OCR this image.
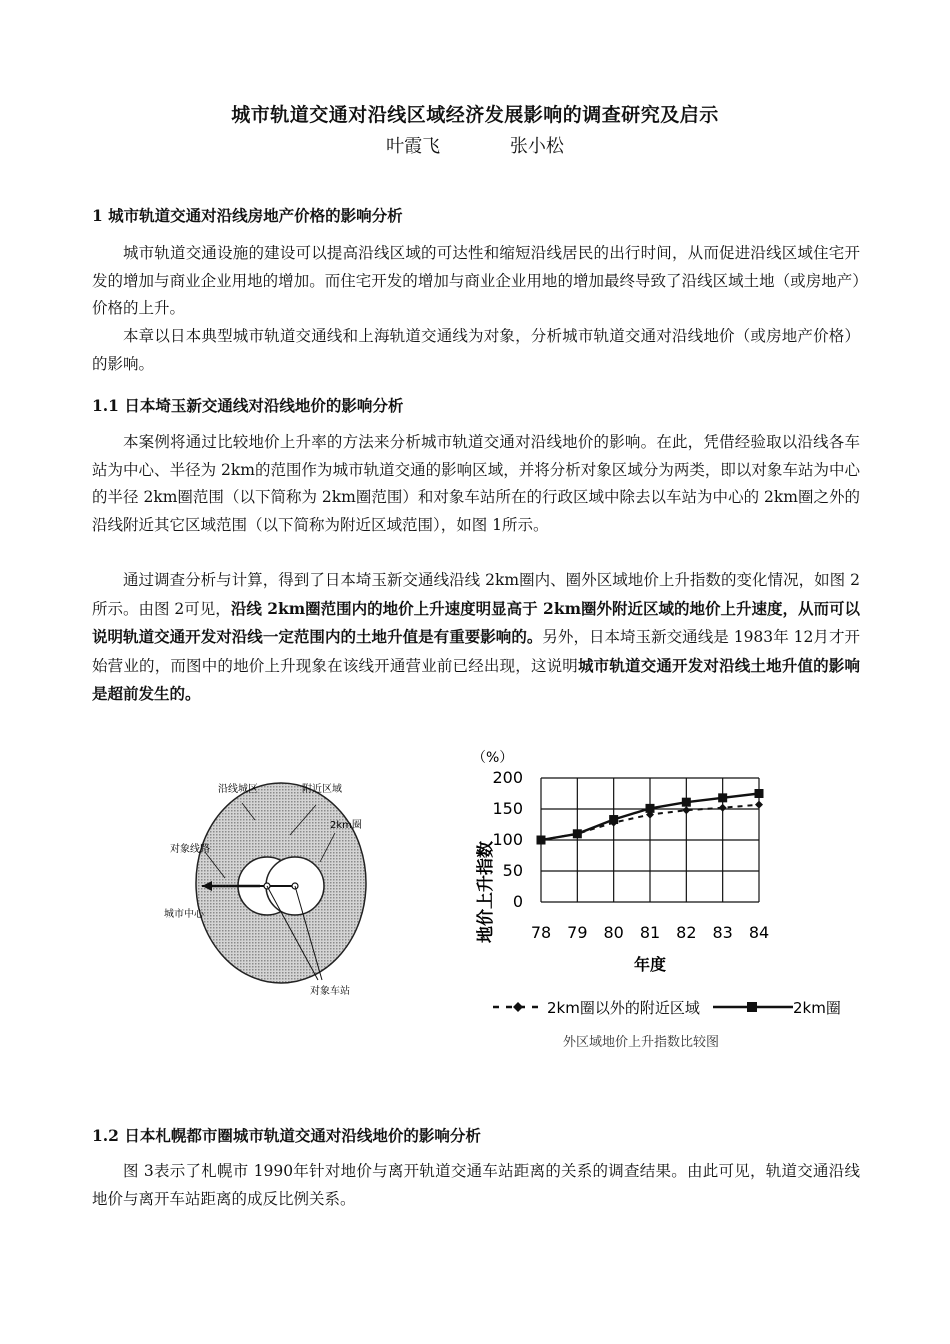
城市轨道交通对沿线区域经济发展影响的调查研究及启示
叶霞飞	张小松
1 城市轨道交通对沿线房地产价格的影响分析

城市轨道交通设施的建设可以提高沿线区域的可达性和缩短沿线居民的出行时间，从而促进沿线区域住宅开发的增加与商业企业用地的增加。而住宅开发的增加与商业企业用地的增加最终导致了沿线区域土地（或房地产）价格的上升。

本章以日本典型城市轨道交通线和上海轨道交通线为对象，分析城市轨道交通对沿线地价（或房地产价格）的影响。

1.1 日本埼玉新交通线对沿线地价的影响分析

本案例将通过比较地价上升率的方法来分析城市轨道交通对沿线地价的影响。在此，凭借经验取以沿线各车站为中心、半径为 2km的范围作为城市轨道交通的影响区域，并将分析对象区域分为两类，即以对象车站为中心的半径 2km圈范围（以下简称为 2km圈范围）和对象车站所在的行政区域中除去以车站为中心的 2km圈之外的沿线附近其它区域范围（以下简称为附近区域范围），如图 1所示。

通过调查分析与计算，得到了日本埼玉新交通线沿线 2km圈内、圈外区域地价上升指数的变化情况，如图 2所示。由图 2可见，沿线 2km圈范围内的地价上升速度明显高于 2km圈外附近区域的地价上升速度，从而可以说明轨道交通开发对沿线一定范围内的土地升值是有重要影响的。另外，日本埼玉新交通线是 1983年 12月才开始营业的，而图中的地价上升现象在该线开通营业前已经出现，这说明城市轨道交通开发对沿线土地升值的影响是超前发生的。

沿线城区	附近区域
2km圈
对象线路
城市中心
对象车站
（%）
地价上升指数
年度
0
50
100
150
200
78 79 80 81 82 83 84
2km圈以外的附近区域	2km圈
外区域地价上升指数比较图
1.2 日本札幌都市圈城市轨道交通对沿线地价的影响分析

图 3表示了札幌市 1990年针对地价与离开轨道交通车站距离的关系的调查结果。由此可见，轨道交通沿线地价与离开车站距离的成反比例关系。
